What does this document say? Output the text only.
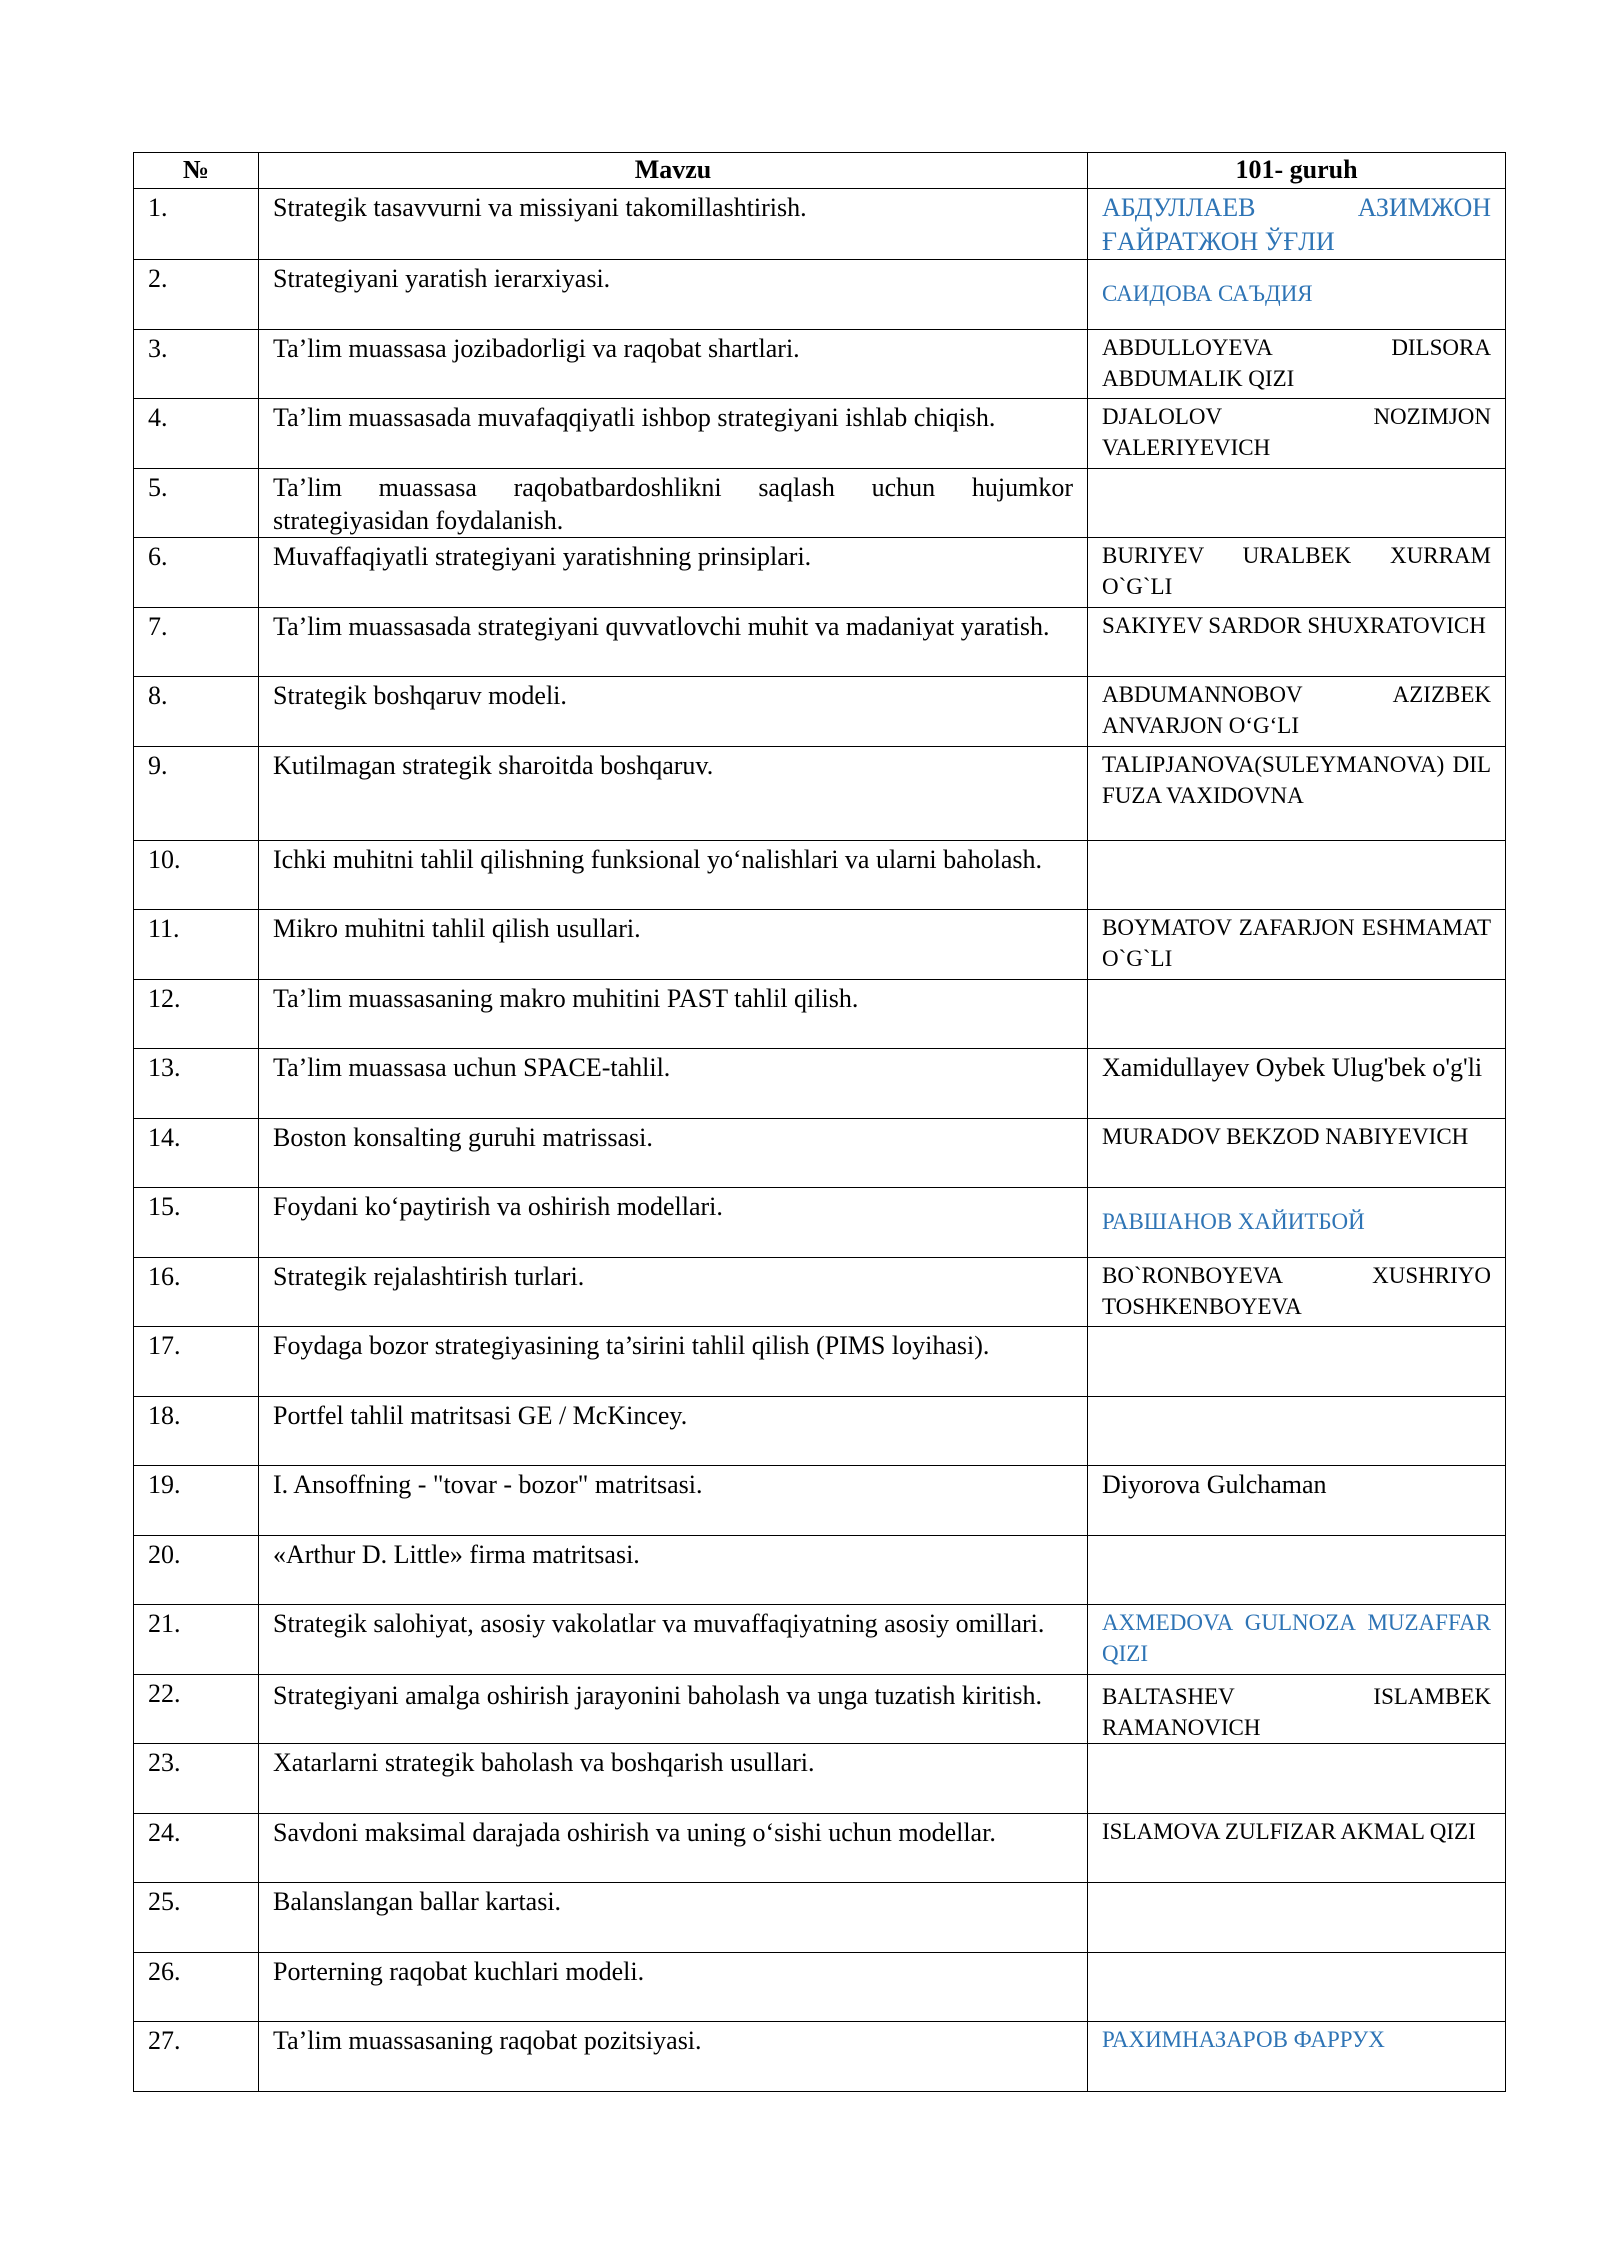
№	Mavzu	101- guruh
1.	Strategik tasavvurni va missiyani takomillashtirish.	АБДУЛЛАЕВ АЗИМЖОН ҒАЙРАТЖОН ЎҒЛИ
2.	Strategiyani yaratish ierarxiyasi.	САИДОВА САЪДИЯ
3.	Ta’lim muassasa jozibadorligi va raqobat shartlari.	ABDULLOYEVA DILSORA ABDUMALIK QIZI
4.	Ta’lim muassasada muvafaqqiyatli ishbop strategiyani ishlab chiqish.	DJALOLOV NOZIMJON VALERIYEVICH
5.	Ta’lim muassasa raqobatbardoshlikni saqlash uchun hujumkor strategiyasidan foydalanish.	
6.	Muvaffaqiyatli strategiyani yaratishning prinsiplari.	BURIYEV URALBEK XURRAM O`G`LI
7.	Ta’lim muassasada strategiyani quvvatlovchi muhit va madaniyat yaratish.	SAKIYEV SARDOR SHUXRATOVICH
8.	Strategik boshqaruv modeli.	ABDUMANNOBOV AZIZBEK ANVARJON O‘G‘LI
9.	Kutilmagan strategik sharoitda boshqaruv.	TALIPJANOVA(SULEYMANOVA) DILFUZA VAXIDOVNA
10.	Ichki muhitni tahlil qilishning funksional yo‘nalishlari va ularni baholash.	
11.	Mikro muhitni tahlil qilish usullari.	BOYMATOV ZAFARJON ESHMAMAT O`G`LI
12.	Ta’lim muassasaning makro muhitini PAST tahlil qilish.	
13.	Ta’lim muassasa uchun SPACE-tahlil.	Xamidullayev Oybek Ulug'bek o'g'li
14.	Boston konsalting guruhi matrissasi.	MURADOV BEKZOD NABIYEVICH
15.	Foydani ko‘paytirish va oshirish modellari.	РАВШАНОВ ХАЙИТБОЙ
16.	Strategik rejalashtirish turlari.	BO`RONBOYEVA XUSHRIYO TOSHKENBOYEVA
17.	Foydaga bozor strategiyasining ta’sirini tahlil qilish (PIMS loyihasi).	
18.	Portfel tahlil matritsasi GE / McKincey.	
19.	I. Ansoffning - "tovar - bozor" matritsasi.	Diyorova Gulchaman
20.	«Arthur D. Little» firma matritsasi.	
21.	Strategik salohiyat, asosiy vakolatlar va muvaffaqiyatning asosiy omillari.	AXMEDOVA GULNOZA MUZAFFAR QIZI
22.	Strategiyani amalga oshirish jarayonini baholash va unga tuzatish kiritish.	BALTASHEV ISLAMBEK RAMANOVICH
23.	Xatarlarni strategik baholash va boshqarish usullari.	
24.	Savdoni maksimal darajada oshirish va uning o‘sishi uchun modellar.	ISLAMOVA ZULFIZAR AKMAL QIZI
25.	Balanslangan ballar kartasi.	
26.	Porterning raqobat kuchlari modeli.	
27.	Ta’lim muassasaning raqobat pozitsiyasi.	РАХИМНАЗАРОВ ФАРРУХ
